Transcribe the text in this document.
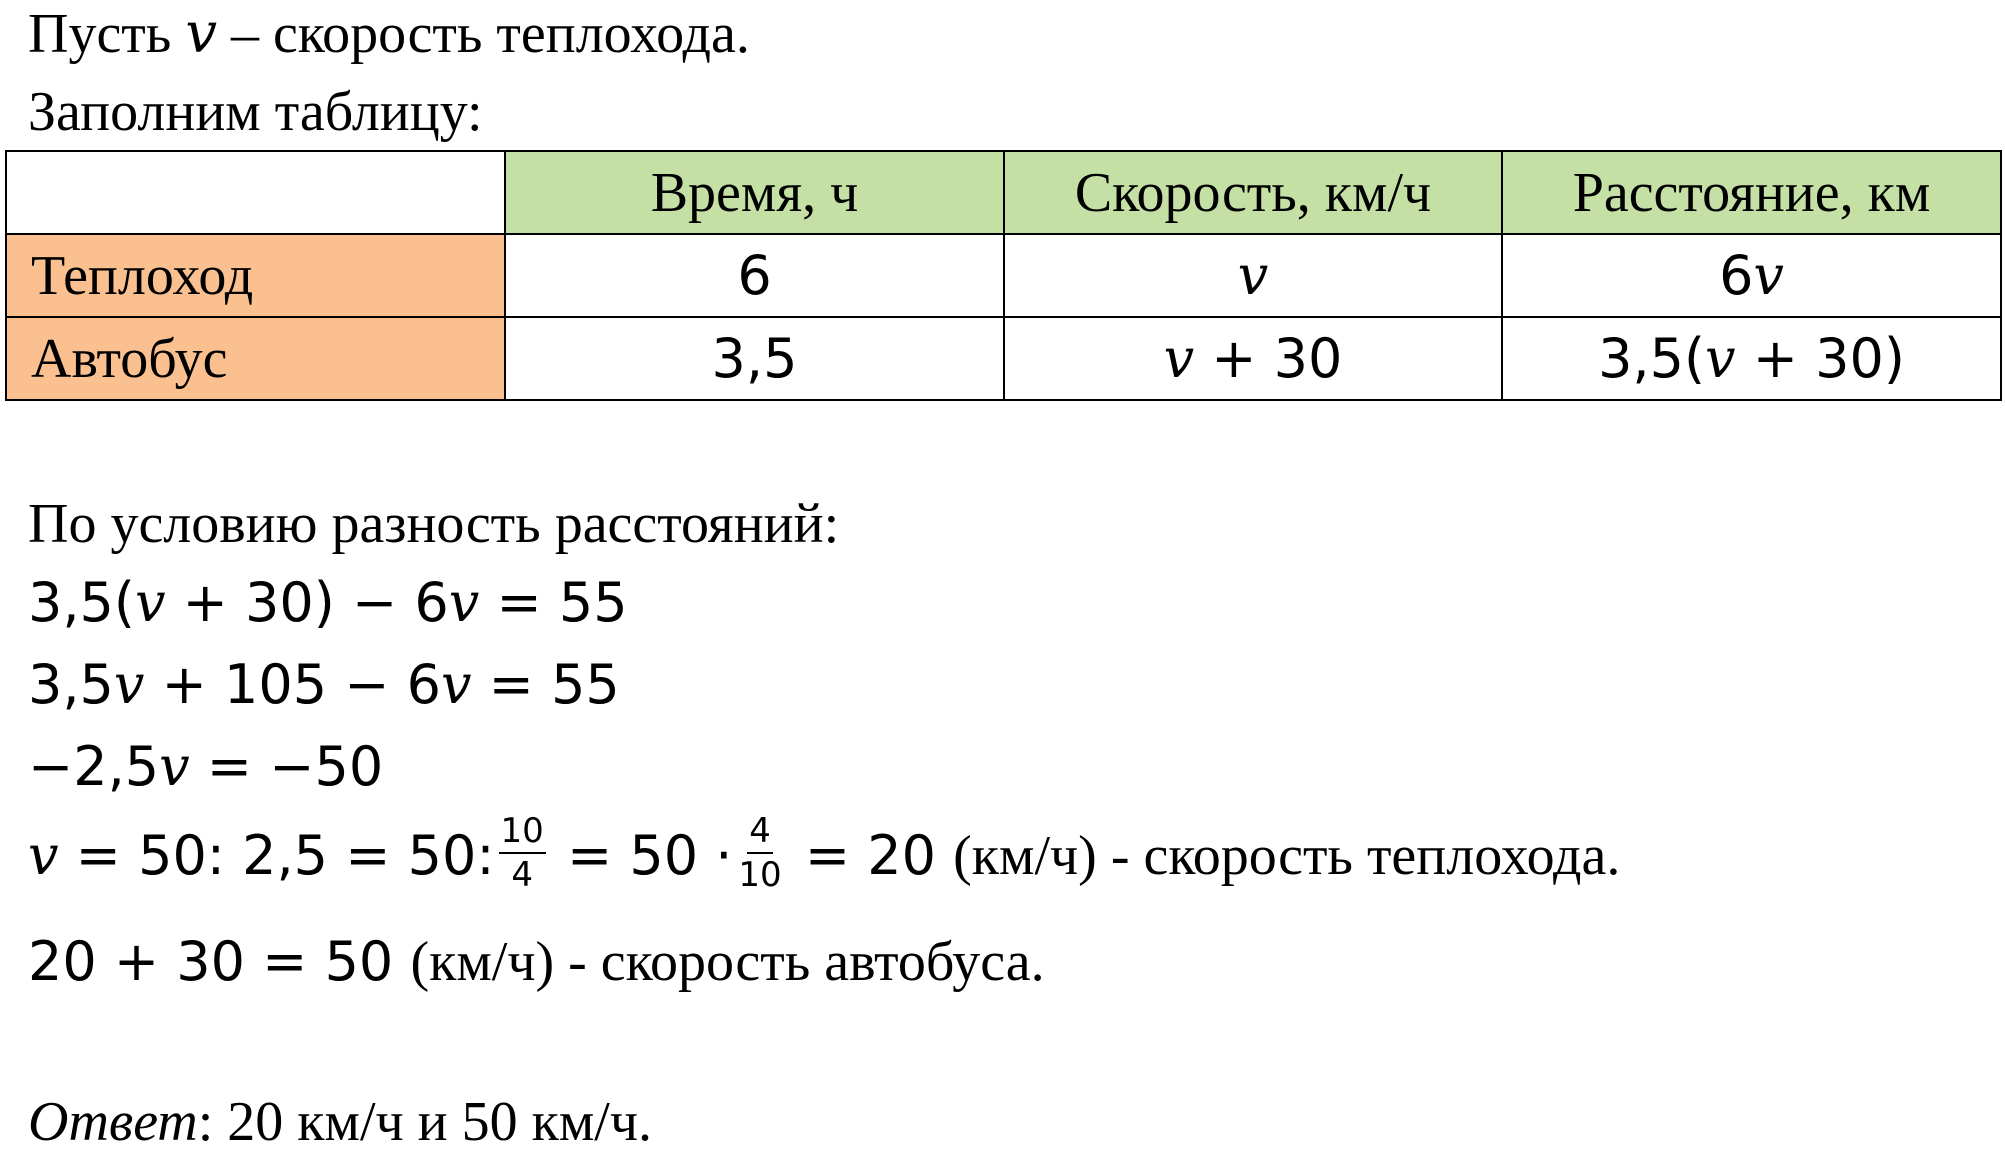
Пусть v – скорость теплохода.
Заполним таблицу:
	Время, ч	Скорость, км/ч	Расстояние, км
Теплоход	6	v	6v
Автобус	3,5	v + 30	3,5(v + 30)
По условию разность расстояний:
3,5(v + 30) − 6v = 55
3,5v + 105 − 6v = 55
−2,5v = −50
v = 50: 2,5 = 50: $\frac{10}{4} = 50 \cdot \frac{4}{10} = 20$ (км/ч) - скорость теплохода.
20 + 30 = 50 (км/ч) - скорость автобуса.
Ответ: 20 км/ч и 50 км/ч.
